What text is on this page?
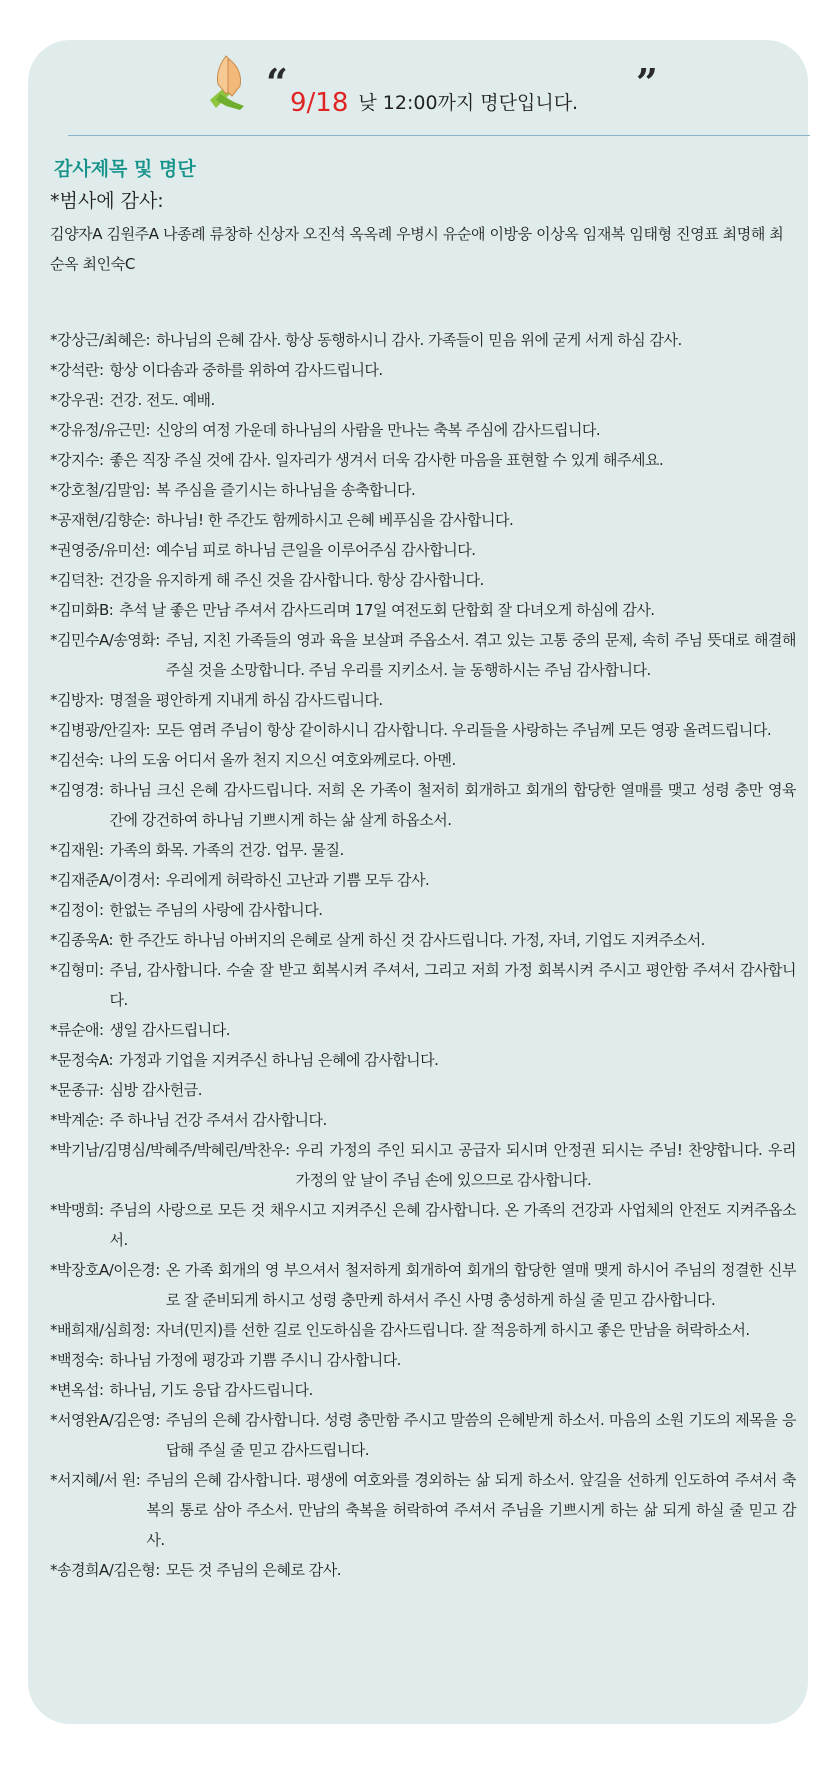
“ 9/18 낮 12:00까지 명단입니다. ”
감사제목 및 명단
*범사에 감사:
김양자A 김원주A 나종례 류창하 신상자 오진석 옥옥례 우병시 유순애 이방웅 이상옥 임재복 임태형 진영표 최명해 최순옥 최인숙C
*강상근/최혜은: 하나님의 은혜 감사. 항상 동행하시니 감사. 가족들이 믿음 위에 굳게 서게 하심 감사.
*강석란: 항상 이다솜과 중하를 위하여 감사드립니다.
*강우권: 건강. 전도. 예배.
*강유정/유근민: 신앙의 여정 가운데 하나님의 사람을 만나는 축복 주심에 감사드립니다.
*강지수: 좋은 직장 주실 것에 감사. 일자리가 생겨서 더욱 감사한 마음을 표현할 수 있게 해주세요.
*강호철/김말임: 복 주심을 즐기시는 하나님을 송축합니다.
*공재현/김향순: 하나님! 한 주간도 함께하시고 은혜 베푸심을 감사합니다.
*권영중/유미선: 예수님 피로 하나님 큰일을 이루어주심 감사합니다.
*김덕찬: 건강을 유지하게 해 주신 것을 감사합니다. 항상 감사합니다.
*김미화B: 추석 날 좋은 만남 주셔서 감사드리며 17일 여전도회 단합회 잘 다녀오게 하심에 감사.
*김민수A/송영화: 주님, 지친 가족들의 영과 육을 보살펴 주옵소서. 겪고 있는 고통 중의 문제, 속히 주님 뜻대로 해결해 주실 것을 소망합니다. 주님 우리를 지키소서. 늘 동행하시는 주님 감사합니다.
*김방자: 명절을 평안하게 지내게 하심 감사드립니다.
*김병광/안길자: 모든 염려 주님이 항상 같이하시니 감사합니다. 우리들을 사랑하는 주님께 모든 영광 올려드립니다.
*김선숙: 나의 도움 어디서 올까 천지 지으신 여호와께로다. 아멘.
*김영경: 하나님 크신 은혜 감사드립니다. 저희 온 가족이 철저히 회개하고 회개의 합당한 열매를 맺고 성령 충만 영육 간에 강건하여 하나님 기쁘시게 하는 삶 살게 하옵소서.
*김재원: 가족의 화목. 가족의 건강. 업무. 물질.
*김재준A/이경서: 우리에게 허락하신 고난과 기쁨 모두 감사.
*김정이: 한없는 주님의 사랑에 감사합니다.
*김종욱A: 한 주간도 하나님 아버지의 은혜로 살게 하신 것 감사드립니다. 가정, 자녀, 기업도 지켜주소서.
*김형미: 주님, 감사합니다. 수술 잘 받고 회복시켜 주셔서, 그리고 저희 가정 회복시켜 주시고 평안함 주셔서 감사합니다.
*류순애: 생일 감사드립니다.
*문정숙A: 가정과 기업을 지켜주신 하나님 은혜에 감사합니다.
*문종규: 심방 감사헌금.
*박계순: 주 하나님 건강 주셔서 감사합니다.
*박기남/김명심/박혜주/박혜린/박찬우: 우리 가정의 주인 되시고 공급자 되시며 안정권 되시는 주님! 찬양합니다. 우리 가정의 앞 날이 주님 손에 있으므로 감사합니다.
*박맹희: 주님의 사랑으로 모든 것 채우시고 지켜주신 은혜 감사합니다. 온 가족의 건강과 사업체의 안전도 지켜주옵소서.
*박장호A/이은경: 온 가족 회개의 영 부으셔서 철저하게 회개하여 회개의 합당한 열매 맺게 하시어 주님의 정결한 신부로 잘 준비되게 하시고 성령 충만케 하셔서 주신 사명 충성하게 하실 줄 믿고 감사합니다.
*배희재/심희정: 자녀(민지)를 선한 길로 인도하심을 감사드립니다. 잘 적응하게 하시고 좋은 만남을 허락하소서.
*백정숙: 하나님 가정에 평강과 기쁨 주시니 감사합니다.
*변옥섭: 하나님, 기도 응답 감사드립니다.
*서영완A/김은영: 주님의 은혜 감사합니다. 성령 충만함 주시고 말씀의 은혜받게 하소서. 마음의 소원 기도의 제목을 응답해 주실 줄 믿고 감사드립니다.
*서지혜/서 원: 주님의 은혜 감사합니다. 평생에 여호와를 경외하는 삶 되게 하소서. 앞길을 선하게 인도하여 주셔서 축복의 통로 삼아 주소서. 만남의 축복을 허락하여 주셔서 주님을 기쁘시게 하는 삶 되게 하실 줄 믿고 감사.
*송경희A/김은형: 모든 것 주님의 은혜로 감사.
